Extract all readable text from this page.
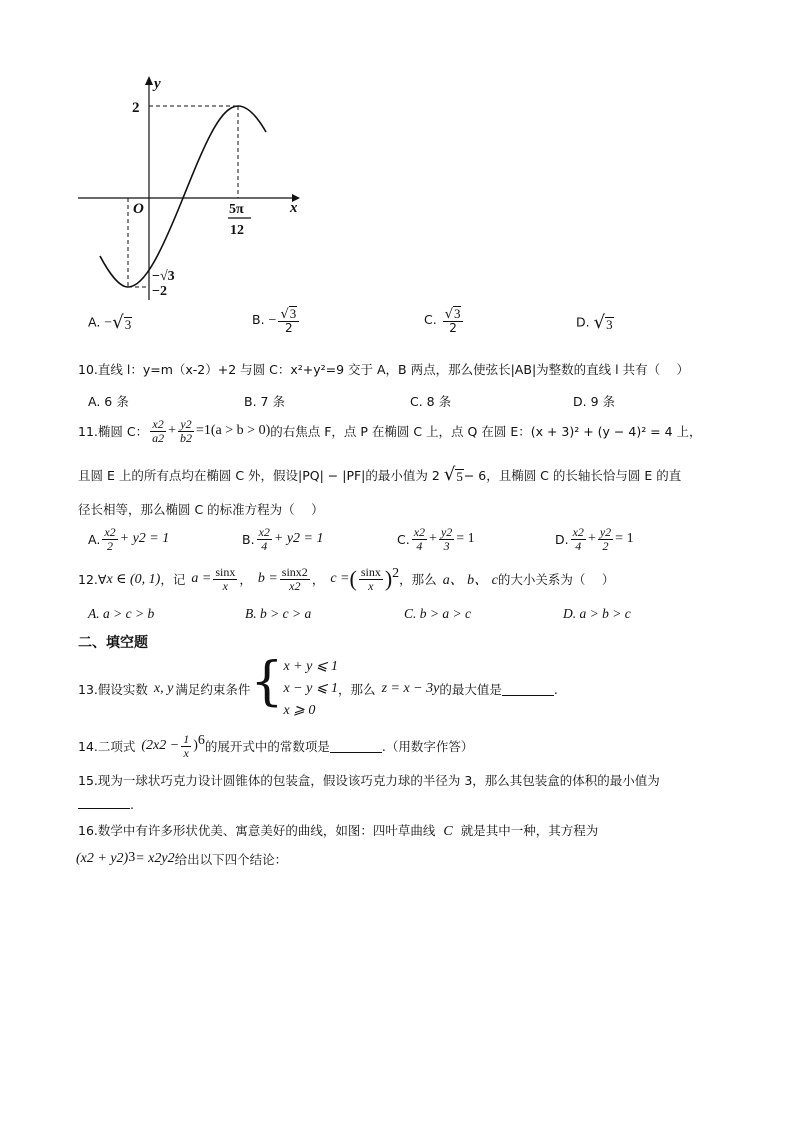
y
x
O
2
5π
12
−√3
−2
A. − √ 3	B. − $\frac{√ 3}{2}$	C. $\frac{√ 3}{2}$	D. √ 3
10.直线 l：y=m（x-2）+2 与圆 C：x²+y²=9 交于 A，B 两点，那么使弦长|AB|为整数的直线 l 共有（　 ）
A. 6 条	B. 7 条	C. 8 条	D. 9 条
11.椭圆 C： $\frac{x2}{a2} + \frac{y2}{b2} =1(a > b > 0)$ 的右焦点 F，点 P 在椭圆 C 上，点 Q 在圆 E：(x + 3)² + (y − 4)² = 4 上，
且圆 E 上的所有点均在椭圆 C 外，假设|PQ| − |PF|的最小值为 2 √ 5 − 6，且椭圆 C 的长轴长恰与圆 E 的直
径长相等，那么椭圆 C 的标准方程为（　 ）
A. $\frac{x2}{2} + y2 = 1$	B. $\frac{x2}{4} + y2 = 1$	C. $\frac{x2}{4} + \frac{y2}{3} = 1$	D. $\frac{x2}{4} + \frac{y2}{2} = 1$
12.∀ x ∈ (0, 1) ，记 $a = \frac{\sin x}{x}$ ， $b = \frac{\sin x2}{x2}$ ， c = ( $\frac{\sin x}{x}$ ) 2 ，那么 a、 b、 c 的大小关系为（　 ）
A. a > c > b	B. b > c > a	C. b > a > c	D. a > b > c
二、填空题
13.假设实数 x, y 满足约束条件 { x + y ⩽ 1
x − y ⩽ 1
x ⩾ 0
，那么 z = x − 3y 的最大值是	.
14.二项式 ($2x2 - \frac{1}{x}$ ) 6 的展开式中的常数项是	.（用数字作答）
15.现为一球状巧克力设计圆锥体的包装盒，假设该巧克力球的半径为 3，那么其包装盒的体积的最小值为
.
16.数学中有许多形状优美、寓意美好的曲线，如图：四叶草曲线 C 就是其中一种，其方程为
(x2 + y2) 3 = x2y2 给出以下四个结论：
